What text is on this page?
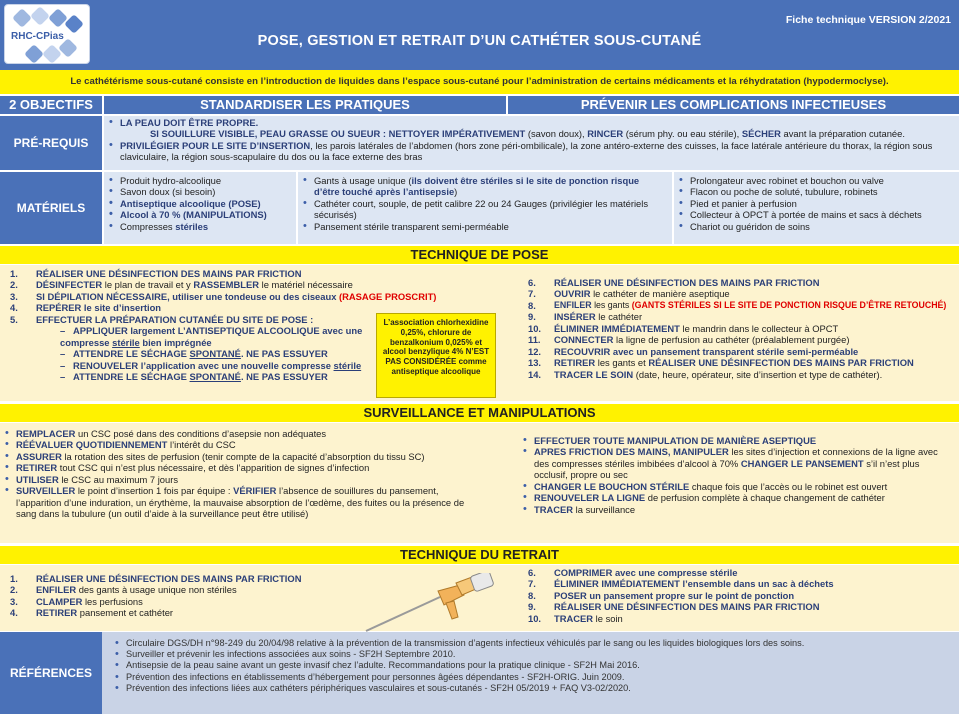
RHC-CPias
Fiche technique VERSION 2/2021
POSE, GESTION ET RETRAIT D’UN CATHÉTER SOUS-CUTANÉ
Le cathétérisme sous-cutané consiste en l’introduction de liquides dans l’espace sous-cutané pour l’administration de certains médicaments et la réhydratation (hypodermoclyse).
2 OBJECTIFS	STANDARDISER LES PRATIQUES	PRÉVENIR LES COMPLICATIONS INFECTIEUSES
PRÉ-REQUIS
• LA PEAU DOIT ÊTRE PROPRE.
SI SOUILLURE VISIBLE, PEAU GRASSE OU SUEUR : NETTOYER IMPÉRATIVEMENT (savon doux), RINCER (sérum phy. ou eau stérile), SÉCHER avant la préparation cutanée.
• PRIVILÉGIER POUR LE SITE D’INSERTION, les parois latérales de l’abdomen (hors zone péri-ombilicale), la zone antéro-externe des cuisses, la face latérale antérieure du thorax, la région sous claviculaire, la région sous-scapulaire du dos ou la face externe des bras
MATÉRIELS
• Produit hydro-alcoolique
• Savon doux (si besoin)
• Antiseptique alcoolique (POSE)
• Alcool à 70 % (MANIPULATIONS)
• Compresses stériles
• Gants à usage unique (ils doivent être stériles si le site de ponction risque d’être touché après l’antisepsie)
• Cathéter court, souple, de petit calibre 22 ou 24 Gauges (privilégier les matériels sécurisés)
• Pansement stérile transparent semi-perméable
• Prolongateur avec robinet et bouchon ou valve
• Flacon ou poche de soluté, tubulure, robinets
• Pied et panier à perfusion
• Collecteur à OPCT à portée de mains et sacs à déchets
• Chariot ou guéridon de soins
TECHNIQUE DE POSE
1.	RÉALISER UNE DÉSINFECTION DES MAINS PAR FRICTION
2.	DÉSINFECTER le plan de travail et y RASSEMBLER le matériel nécessaire
3.	SI DÉPILATION NÉCESSAIRE, utiliser une tondeuse ou des ciseaux (RASAGE PROSCRIT)
4.	REPÉRER le site d’insertion
5.	EFFECTUER LA PRÉPARATION CUTANÉE DU SITE DE POSE :
–   APPLIQUER largement L’ANTISEPTIQUE ALCOOLIQUE avec une compresse stérile bien imprégnée
–   ATTENDRE LE SÉCHAGE SPONTANÉ. NE PAS ESSUYER
–   RENOUVELER l’application avec une nouvelle compresse stérile
–   ATTENDRE LE SÉCHAGE SPONTANÉ. NE PAS ESSUYER
6.	RÉALISER UNE DÉSINFECTION DES MAINS PAR FRICTION
7.	OUVRIR le cathéter de manière aseptique
8.	ENFILER les gants (GANTS STÉRILES SI LE SITE DE PONCTION RISQUE D’ÊTRE RETOUCHÉ)
9.	INSÉRER le cathéter
10.	ÉLIMINER IMMÉDIATEMENT le mandrin dans le collecteur à OPCT
11.	CONNECTER la ligne de perfusion au cathéter (préalablement purgée)
12.	RECOUVRIR avec un pansement transparent stérile semi-perméable
13.	RETIRER les gants et RÉALISER UNE DÉSINFECTION DES MAINS PAR FRICTION
14.	TRACER LE SOIN (date, heure, opérateur, site d’insertion et type de cathéter).
L’association chlorhexidine 0,25%, chlorure de benzalkonium 0,025% et alcool benzylique 4% N’EST PAS CONSIDÉRÉE comme antiseptique alcoolique
SURVEILLANCE ET MANIPULATIONS
• REMPLACER un CSC posé dans des conditions d’asepsie non adéquates
• RÉÉVALUER QUOTIDIENNEMENT l’intérêt du CSC
• ASSURER la rotation des sites de perfusion (tenir compte de la capacité d’absorption du tissu SC)
• RETIRER tout CSC qui n’est plus nécessaire, et dès l’apparition de signes d’infection
• UTILISER le CSC au maximum 7 jours
• SURVEILLER le point d’insertion 1 fois par équipe : VÉRIFIER l’absence de souillures du pansement, l’apparition d’une induration, un érythème, la mauvaise absorption de l’œdème, des fuites ou la présence de sang dans la tubulure (un outil d’aide à la surveillance peut être utilisé)
• EFFECTUER TOUTE MANIPULATION DE MANIÈRE ASEPTIQUE
• APRES FRICTION DES MAINS, MANIPULER les sites d’injection et connexions de la ligne avec des compresses stériles imbibées d’alcool à 70% CHANGER LE PANSEMENT s’il n’est plus occlusif, propre ou sec
• CHANGER LE BOUCHON STÉRILE chaque fois que l’accès ou le robinet est ouvert
• RENOUVELER LA LIGNE de perfusion complète à chaque changement de cathéter
• TRACER la surveillance
TECHNIQUE DU RETRAIT
1.	RÉALISER UNE DÉSINFECTION DES MAINS PAR FRICTION
2.	ENFILER des gants à usage unique non stériles
3.	CLAMPER les perfusions
4.	RETIRER pansement et cathéter
6.	COMPRIMER avec une compresse stérile
7.	ÉLIMINER IMMÉDIATEMENT l’ensemble dans un sac à déchets
8.	POSER un pansement propre sur le point de ponction
9.	RÉALISER UNE DÉSINFECTION DES MAINS PAR FRICTION
10.	TRACER le soin
RÉFÉRENCES
• Circulaire DGS/DH n°98-249 du 20/04/98 relative à la prévention de la transmission d’agents infectieux véhiculés par le sang ou les liquides biologiques lors des soins.
• Surveiller et prévenir les infections associées aux soins - SF2H Septembre 2010.
• Antisepsie de la peau saine avant un geste invasif chez l’adulte. Recommandations pour la pratique clinique - SF2H Mai 2016.
• Prévention des infections en établissements d’hébergement pour personnes âgées dépendantes - SF2H-ORIG. Juin 2009.
• Prévention des infections liées aux cathéters périphériques vasculaires et sous-cutanés - SF2H 05/2019 + FAQ V3-02/2020.
